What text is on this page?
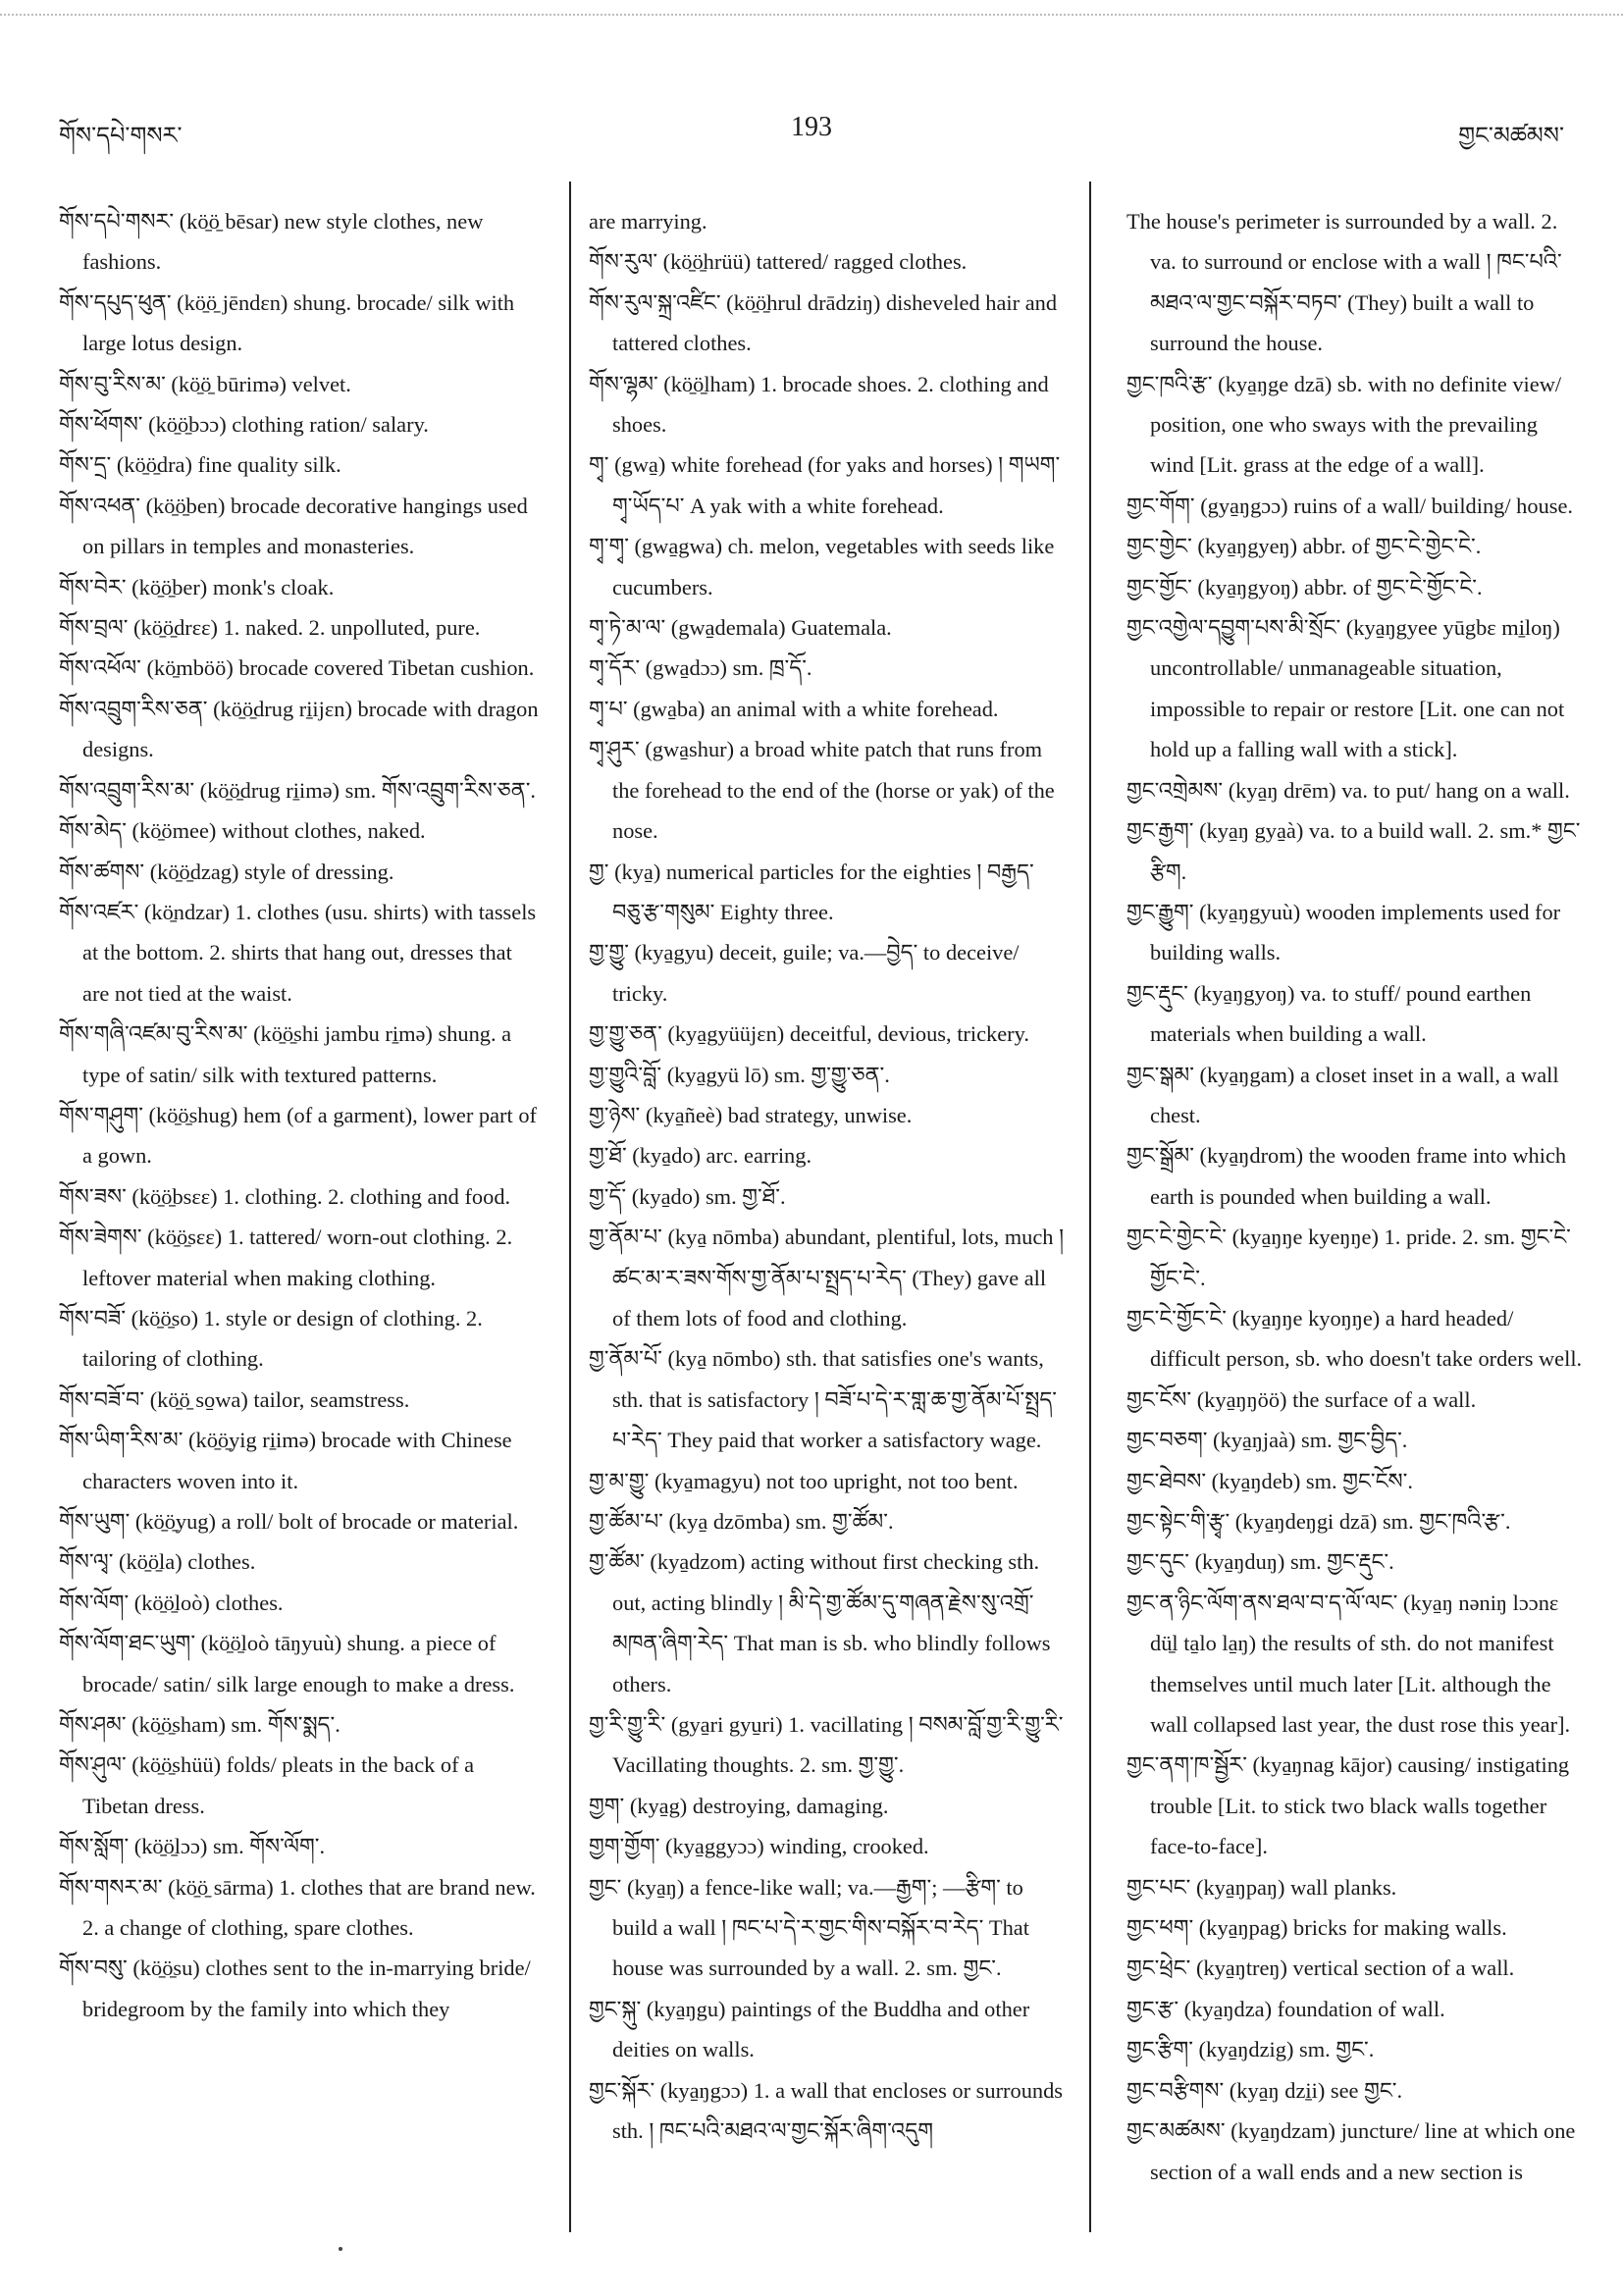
གོས་དཔེ་གསར་	193	གྱང་མཚམས་
གོས་དཔེ་གསར་ (kö̱ö̱ bēsar) new style clothes, new fashions.
གོས་དཔུད་ཕུན་ (kö̱ö̱ jēndɛn) shung. brocade/ silk with large lotus design.
གོས་བུ་རིས་མ་ (kö̱ö̱ būrimə) velvet.
གོས་ཕོགས་ (kö̱ö̱bɔɔ) clothing ration/ salary.
གོས་དྲ་ (kö̱ö̱dra) fine quality silk.
གོས་འཕན་ (kö̱ö̱ben) brocade decorative hangings used on pillars in temples and monasteries.
གོས་བེར་ (kö̱ö̱ber) monk's cloak.
གོས་བྲལ་ (kö̱ö̱drɛɛ) 1. naked. 2. unpolluted, pure.
གོས་འཕོལ་ (kö̱mböö) brocade covered Tibetan cushion.
གོས་འབྲུག་རིས་ཅན་ (kö̱ö̱drug ri̱ijɛn) brocade with dragon designs.
གོས་འབྲུག་རིས་མ་ (kö̱ö̱drug ri̱imə) sm. གོས་འབྲུག་རིས་ཅན་.
གོས་མེད་ (kö̱ömee) without clothes, naked.
གོས་ཚགས་ (kö̱ö̱dzag) style of dressing.
གོས་འཛར་ (kö̱ndzar) 1. clothes (usu. shirts) with tassels at the bottom. 2. shirts that hang out, dresses that are not tied at the waist.
གོས་གཞི་འཛམ་བུ་རིས་མ་ (kö̱ö̱shi jambu ri̱mə) shung. a type of satin/ silk with textured patterns.
གོས་གཤུག་ (kö̱ö̱shug) hem (of a garment), lower part of a gown.
གོས་ཟས་ (kö̱ö̱bsɛɛ) 1. clothing. 2. clothing and food.
གོས་ཟེགས་ (kö̱ö̱sɛɛ) 1. tattered/ worn-out clothing. 2. leftover material when making clothing.
གོས་བཟོ་ (kö̱ö̱so) 1. style or design of clothing. 2. tailoring of clothing.
གོས་བཟོ་བ་ (kö̱ö̱ so̱wa) tailor, seamstress.
གོས་ཡིག་རིས་མ་ (kö̱ö̱yig ri̱imə) brocade with Chinese characters woven into it.
གོས་ཡུག་ (kö̱ö̱yug) a roll/ bolt of brocade or material.
གོས་ལྭ་ (kö̱ö̱la) clothes.
གོས་ལོག་ (kö̱ö̱loò) clothes.
གོས་ལོག་ཐང་ཡུག་ (kö̱ö̱loò tāŋyuù) shung. a piece of brocade/ satin/ silk large enough to make a dress.
གོས་ཤམ་ (kö̱ö̱sham) sm. གོས་སྨད་.
གོས་ཤུལ་ (kö̱ö̱shüü) folds/ pleats in the back of a Tibetan dress.
གོས་སློག་ (kö̱ö̱lɔɔ) sm. གོས་ལོག་.
གོས་གསར་མ་ (kö̱ö̱ sārma) 1. clothes that are brand new. 2. a change of clothing, spare clothes.
གོས་བསུ་ (kö̱ö̱su) clothes sent to the in-marrying bride/ bridegroom by the family into which they
are marrying.
གོས་རུལ་ (kö̱ö̱hrüü) tattered/ ragged clothes.
གོས་རུལ་སྐྲ་འཛིང་ (kö̱ö̱hrul drādziŋ) disheveled hair and tattered clothes.
གོས་ལྷམ་ (kö̱ö̱lham) 1. brocade shoes. 2. clothing and shoes.
གྭ་ (gwa̱) white forehead (for yaks and horses) ། གཡག་གྭ་ཡོད་པ་ A yak with a white forehead.
གྭ་གྭ་ (gwa̱gwa) ch. melon, vegetables with seeds like cucumbers.
གྭ་ཏེ་མ་ལ་ (gwa̱demala) Guatemala.
གྭ་དོར་ (gwa̱dɔɔ) sm. ཁྲ་དོ་.
གྭ་པ་ (gwa̱ba) an animal with a white forehead.
གྭ་ཤུར་ (gwa̱shur) a broad white patch that runs from the forehead to the end of the (horse or yak) of the nose.
གྱ་ (kya̱) numerical particles for the eighties ། བརྒྱད་བཅུ་རྩ་གསུམ་ Eighty three.
གྱ་གྱུ་ (kya̱gyu) deceit, guile; va.—བྱེད་ to deceive/ tricky.
གྱ་གྱུ་ཅན་ (kya̱gyüüjɛn) deceitful, devious, trickery.
གྱ་གྱུའི་བློ་ (kya̱gyü lō) sm. གྱ་གྱུ་ཅན་.
གྱ་ཉེས་ (kya̱ñeè) bad strategy, unwise.
གྱ་ཐོ་ (kya̱do) arc. earring.
གྱ་དོ་ (kya̱do) sm. གྱ་ཐོ་.
གྱ་ནོམ་པ་ (kya̱ nōmba) abundant, plentiful, lots, much ། ཚང་མ་ར་ཟས་གོས་གྱ་ནོམ་པ་སྤྲད་པ་རེད་ (They) gave all of them lots of food and clothing.
གྱ་ནོམ་པོ་ (kya̱ nōmbo) sth. that satisfies one's wants, sth. that is satisfactory ། བཟོ་པ་དེ་ར་གླ་ཆ་གྱ་ནོམ་པོ་སྤྲད་པ་རེད་ They paid that worker a satisfactory wage.
གྱ་མ་གྱུ་ (kya̱magyu) not too upright, not too bent.
གྱ་ཚོམ་པ་ (kya̱ dzōmba) sm. གྱ་ཚོམ་.
གྱ་ཚོམ་ (kya̱dzom) acting without first checking sth. out, acting blindly ། མི་དེ་གྱ་ཚོམ་དུ་གཞན་རྗེས་སུ་འགྲོ་མཁན་ཞིག་རེད་ That man is sb. who blindly follows others.
གྱ་རི་གྱུ་རི་ (gya̱ri gyu̱ri) 1. vacillating ། བསམ་བློ་གྱ་རི་གྱུ་རི་ Vacillating thoughts. 2. sm. གྱ་གྱུ་.
གྱག་ (kya̱g) destroying, damaging.
གྱག་གྱོག་ (kya̱ggyɔɔ) winding, crooked.
གྱང་ (kya̱ŋ) a fence-like wall; va.—རྒྱག་; —རྩིག་ to build a wall ། ཁང་པ་དེ་ར་གྱང་གིས་བསྐོར་བ་རེད་ That house was surrounded by a wall. 2. sm. གྱང་.
གྱང་སྐུ་ (kya̱ŋgu) paintings of the Buddha and other deities on walls.
གྱང་སྐོར་ (kya̱ŋgɔɔ) 1. a wall that encloses or surrounds sth. ། ཁང་པའི་མཐའ་ལ་གྱང་སྐོར་ཞིག་འདུག
The house's perimeter is surrounded by a wall. 2. va. to surround or enclose with a wall ། ཁང་པའི་མཐའ་ལ་གྱང་བསྐོར་བཏབ་ (They) built a wall to surround the house.
གྱང་ཁའི་རྩ་ (kya̱ŋge dzā) sb. with no definite view/ position, one who sways with the prevailing wind [Lit. grass at the edge of a wall].
གྱང་གོག་ (gya̱ŋgɔɔ) ruins of a wall/ building/ house.
གྱང་གྱེང་ (kya̱ŋgyeŋ) abbr. of གྱང་ངེ་གྱེང་ངེ་.
གྱང་གྱོང་ (kya̱ŋgyoŋ) abbr. of གྱང་ངེ་གྱོང་ངེ་.
གྱང་འགྱེལ་དབྱུག་པས་མི་སྲོང་ (kya̱ŋgyee yūgbɛ mi̱loŋ) uncontrollable/ unmanageable situation, impossible to repair or restore [Lit. one can not hold up a falling wall with a stick].
གྱང་འགྲེམས་ (kya̱ŋ drēm) va. to put/ hang on a wall.
གྱང་རྒྱག་ (kya̱ŋ gya̱à) va. to a build wall. 2. sm.* གྱང་རྩིག.
གྱང་རྒྱུག་ (kya̱ŋgyuù) wooden implements used for building walls.
གྱང་རྡུང་ (kya̱ŋgyoŋ) va. to stuff/ pound earthen materials when building a wall.
གྱང་སྒམ་ (kya̱ŋgam) a closet inset in a wall, a wall chest.
གྱང་སྒྲོམ་ (kya̱ŋdrom) the wooden frame into which earth is pounded when building a wall.
གྱང་ངེ་གྱེང་ངེ་ (kya̱ŋŋe kyeŋŋe) 1. pride. 2. sm. གྱང་ངེ་གྱོང་ངེ་.
གྱང་ངེ་གྱོང་ངེ་ (kya̱ŋŋe kyoŋŋe) a hard headed/ difficult person, sb. who doesn't take orders well.
གྱང་ངོས་ (kya̱ŋŋöö) the surface of a wall.
གྱང་བཅག་ (kya̱ŋjaà) sm. གྱང་བྱིད་.
གྱང་ཐེབས་ (kya̱ŋdeb) sm. གྱང་ངོས་.
གྱང་སྟེང་གི་རྩྭ་ (kya̱ŋdeŋgi dzā) sm. གྱང་ཁའི་རྩ་.
གྱང་དུང་ (kya̱ŋduŋ) sm. གྱང་རྡུང་.
གྱང་ན་ཉིང་ལོག་ནས་ཐལ་བ་ད་ལོ་ལང་ (kya̱ŋ nəniŋ lɔɔnɛ dü̱l ta̱lo la̱ŋ) the results of sth. do not manifest themselves until much later [Lit. although the wall collapsed last year, the dust rose this year].
གྱང་ནག་ཁ་སྦྱོར་ (kya̱ŋnag kājor) causing/ instigating trouble [Lit. to stick two black walls together face-to-face].
གྱང་པང་ (kya̱ŋpaŋ) wall planks.
གྱང་ཕག་ (kya̱ŋpag) bricks for making walls.
གྱང་ཕྲེང་ (kya̱ŋtreŋ) vertical section of a wall.
གྱང་རྩ་ (kya̱ŋdza) foundation of wall.
གྱང་རྩིག་ (kya̱ŋdzig) sm. གྱང་.
གྱང་བརྩིགས་ (kya̱ŋ dzi̱i) see གྱང་.
གྱང་མཚམས་ (kya̱ŋdzam) juncture/ line at which one section of a wall ends and a new section is
